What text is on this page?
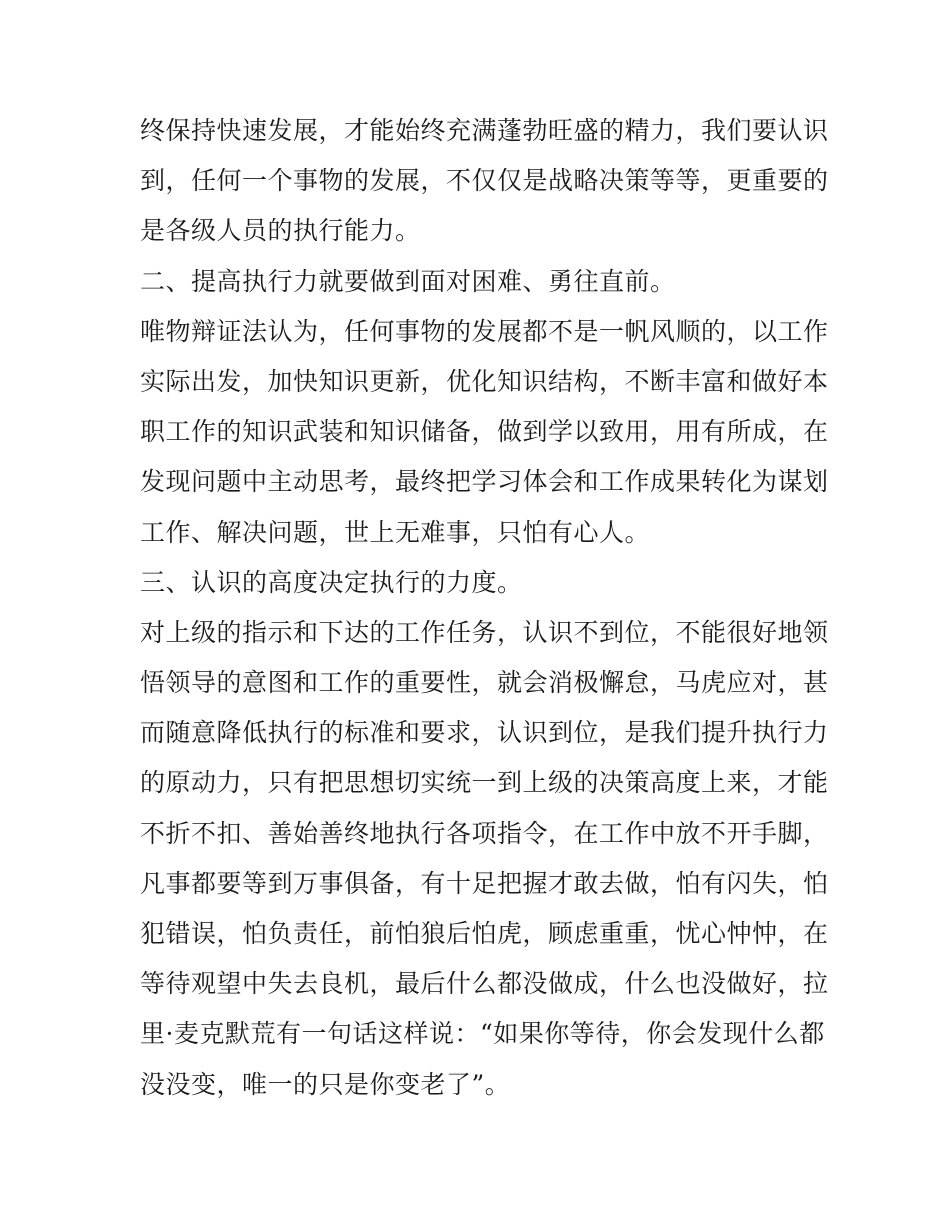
终保持快速发展，才能始终充满蓬勃旺盛的精力，我们要认识
到，任何一个事物的发展，不仅仅是战略决策等等，更重要的
是各级人员的执行能力。
二、提高执行力就要做到面对困难、勇往直前。
唯物辩证法认为，任何事物的发展都不是一帆风顺的，以工作
实际出发，加快知识更新，优化知识结构，不断丰富和做好本
职工作的知识武装和知识储备，做到学以致用，用有所成，在
发现问题中主动思考，最终把学习体会和工作成果转化为谋划
工作、解决问题，世上无难事，只怕有心人。
三、认识的高度决定执行的力度。
对上级的指示和下达的工作任务，认识不到位，不能很好地领
悟领导的意图和工作的重要性，就会消极懈怠，马虎应对，甚
而随意降低执行的标准和要求，认识到位，是我们提升执行力
的原动力，只有把思想切实统一到上级的决策高度上来，才能
不折不扣、善始善终地执行各项指令，在工作中放不开手脚，
凡事都要等到万事俱备，有十足把握才敢去做，怕有闪失，怕
犯错误，怕负责任，前怕狼后怕虎，顾虑重重，忧心忡忡，在
等待观望中失去良机，最后什么都没做成，什么也没做好，拉
里·麦克默荒有一句话这样说：“如果你等待，你会发现什么都
没没变，唯一的只是你变老了”。
